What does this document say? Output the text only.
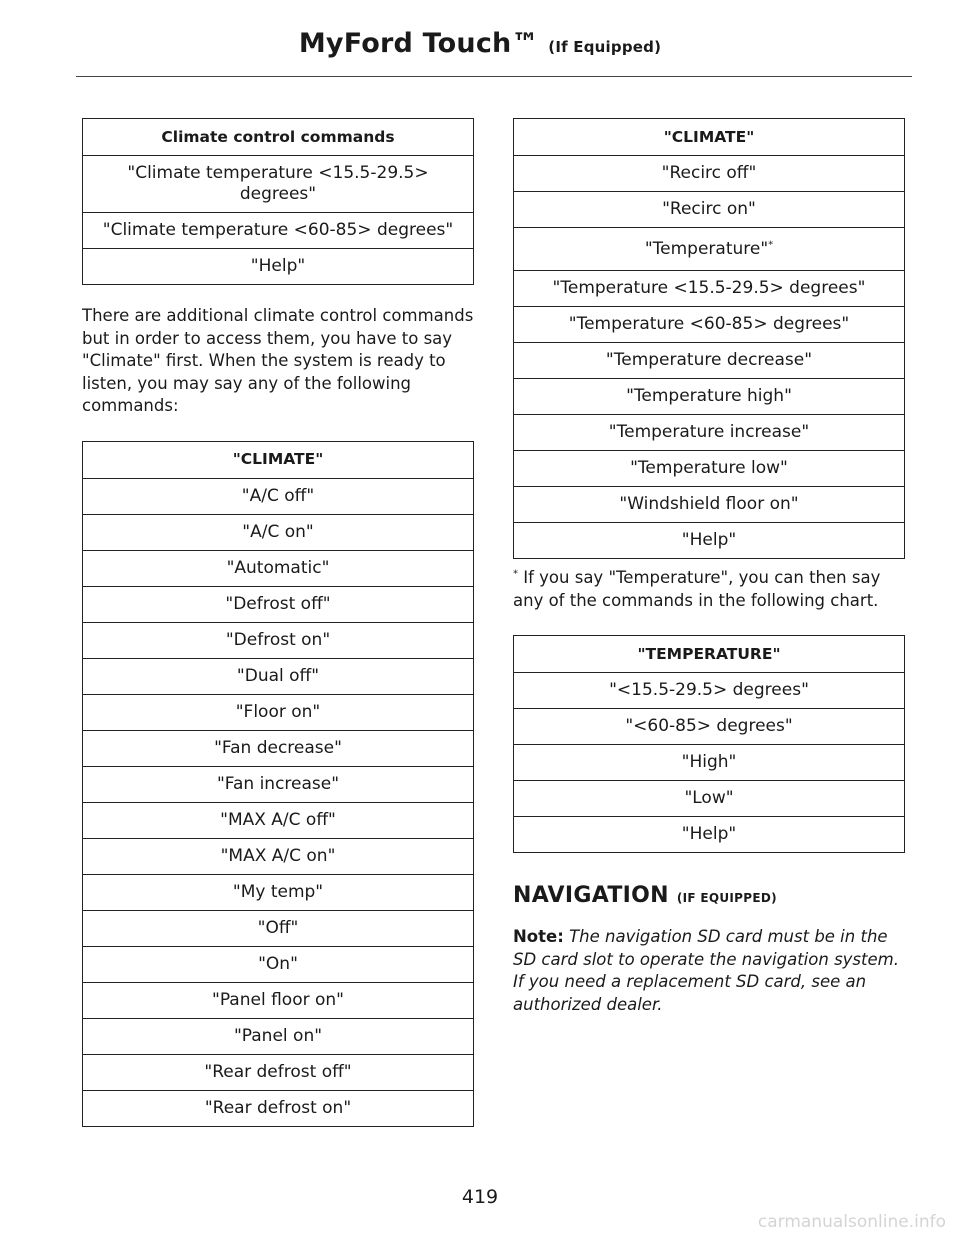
MyFord Touch™ (If Equipped)
Climate control commands
"Climate temperature <15.5-29.5> degrees"
"Climate temperature <60-85> degrees"
"Help"

There are additional climate control commands but in order to access them, you have to say "Climate" first. When the system is ready to listen, you may say any of the following commands:

"CLIMATE"
"A/C off"
"A/C on"
"Automatic"
"Defrost off"
"Defrost on"
"Dual off"
"Floor on"
"Fan decrease"
"Fan increase"
"MAX A/C off"
"MAX A/C on"
"My temp"
"Off"
"On"
"Panel floor on"
"Panel on"
"Rear defrost off"
"Rear defrost on"
"CLIMATE"
"Recirc off"
"Recirc on"
"Temperature"*
"Temperature <15.5-29.5> degrees"
"Temperature <60-85> degrees"
"Temperature decrease"
"Temperature high"
"Temperature increase"
"Temperature low"
"Windshield floor on"
"Help"

* If you say "Temperature", you can then say any of the commands in the following chart.

"TEMPERATURE"
"<15.5-29.5> degrees"
"<60-85> degrees"
"High"
"Low"
"Help"
NAVIGATION (IF EQUIPPED)

Note: The navigation SD card must be in the SD card slot to operate the navigation system. If you need a replacement SD card, see an authorized dealer.

419
carmanualsonline.info
